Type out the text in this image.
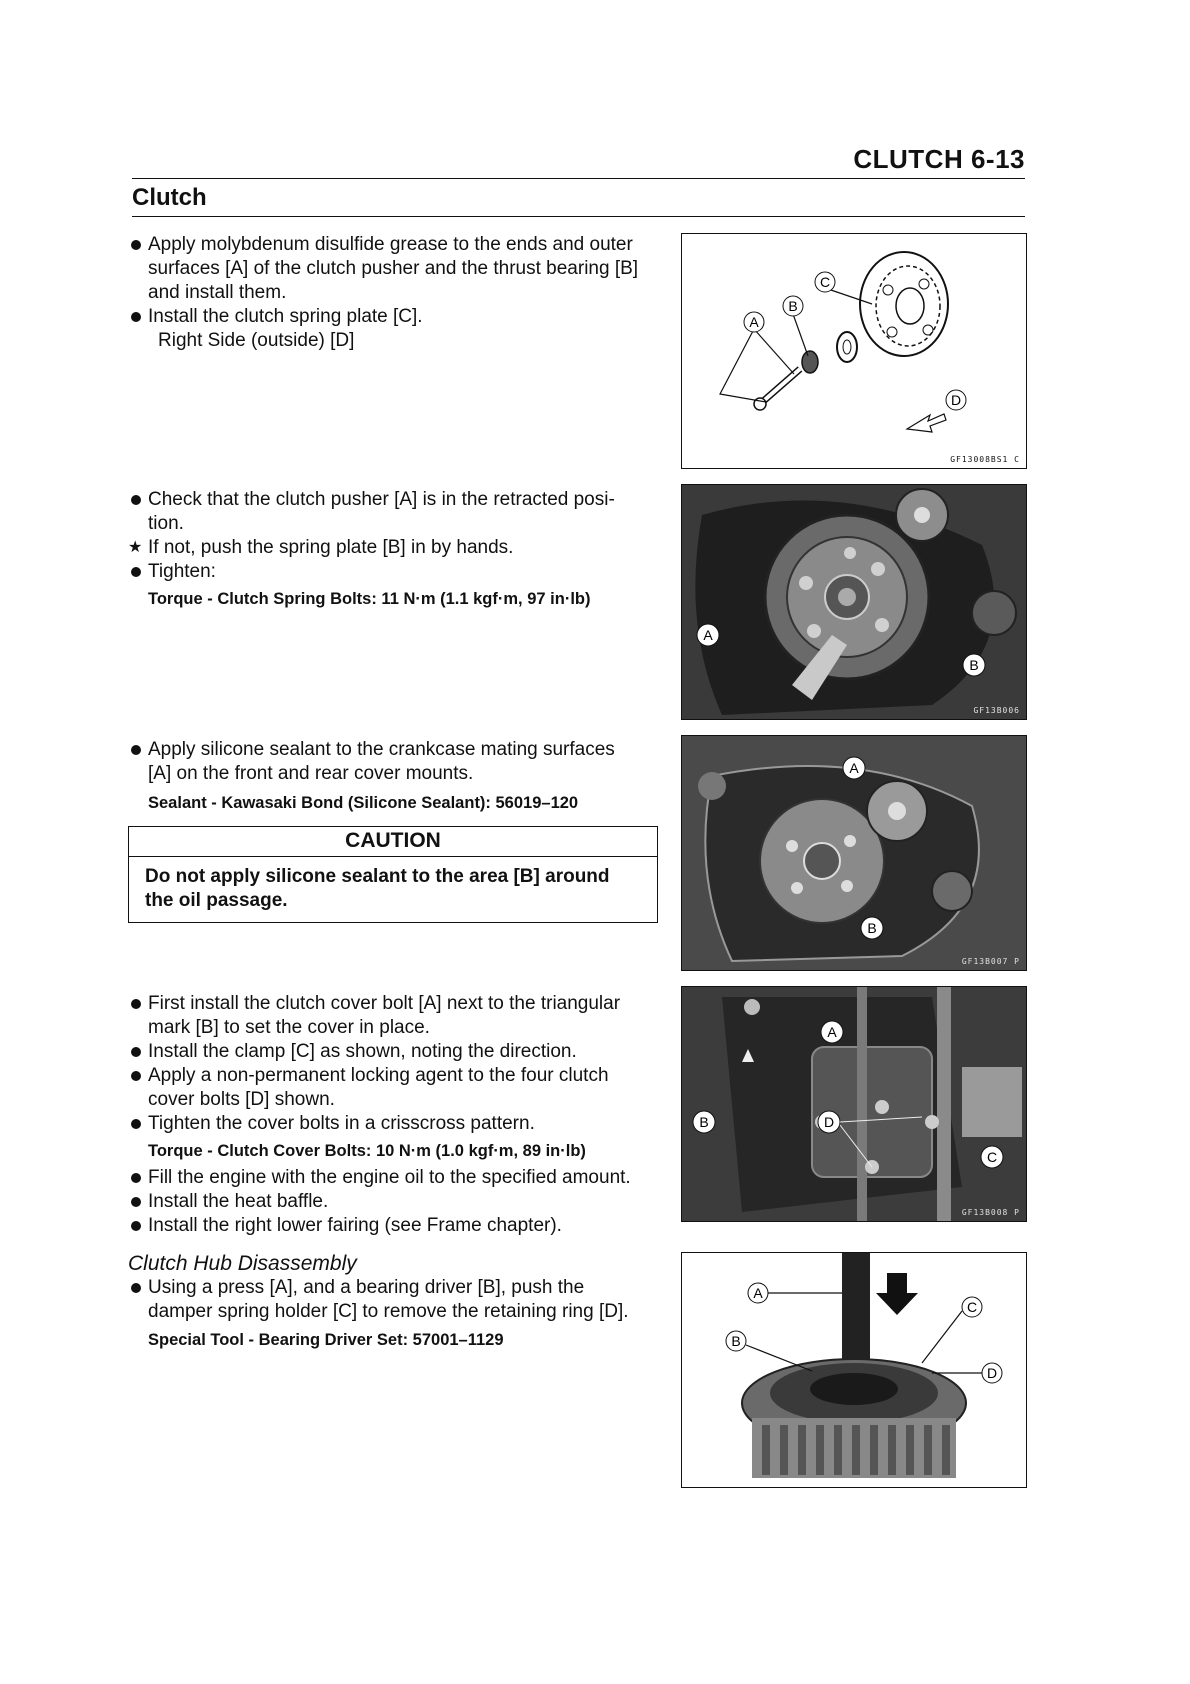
CLUTCH 6-13
Clutch
Apply molybdenum disulfide grease to the ends and outer
surfaces [A] of the clutch pusher and the thrust bearing [B]
and install them.
Install the clutch spring plate [C].
Right Side (outside) [D]
Check that the clutch pusher [A] is in the retracted posi-
tion.
★ If not, push the spring plate [B] in by hands.
Tighten:
Torque - Clutch Spring Bolts: 11 N·m (1.1 kgf·m, 97 in·lb)
Apply silicone sealant to the crankcase mating surfaces
[A] on the front and rear cover mounts.
Sealant - Kawasaki Bond (Silicone Sealant): 56019–120
CAUTION
Do not apply silicone sealant to the area [B] around
the oil passage.
First install the clutch cover bolt [A] next to the triangular
mark [B] to set the cover in place.
Install the clamp [C] as shown, noting the direction.
Apply a non-permanent locking agent to the four clutch
cover bolts [D] shown.
Tighten the cover bolts in a crisscross pattern.
Torque - Clutch Cover Bolts: 10 N·m (1.0 kgf·m, 89 in·lb)
Fill the engine with the engine oil to the specified amount.
Install the heat baffle.
Install the right lower fairing (see Frame chapter).
Clutch Hub Disassembly
Using a press [A], and a bearing driver [B], push the
damper spring holder [C] to remove the retaining ring [D].
Special Tool - Bearing Driver Set: 57001–1129
A
B
C
D
GF13008BS1 C
A
B
GF13B006
A
B
GF13B007 P
A
B
C
D
GF13B008 P
A
B
C
D
